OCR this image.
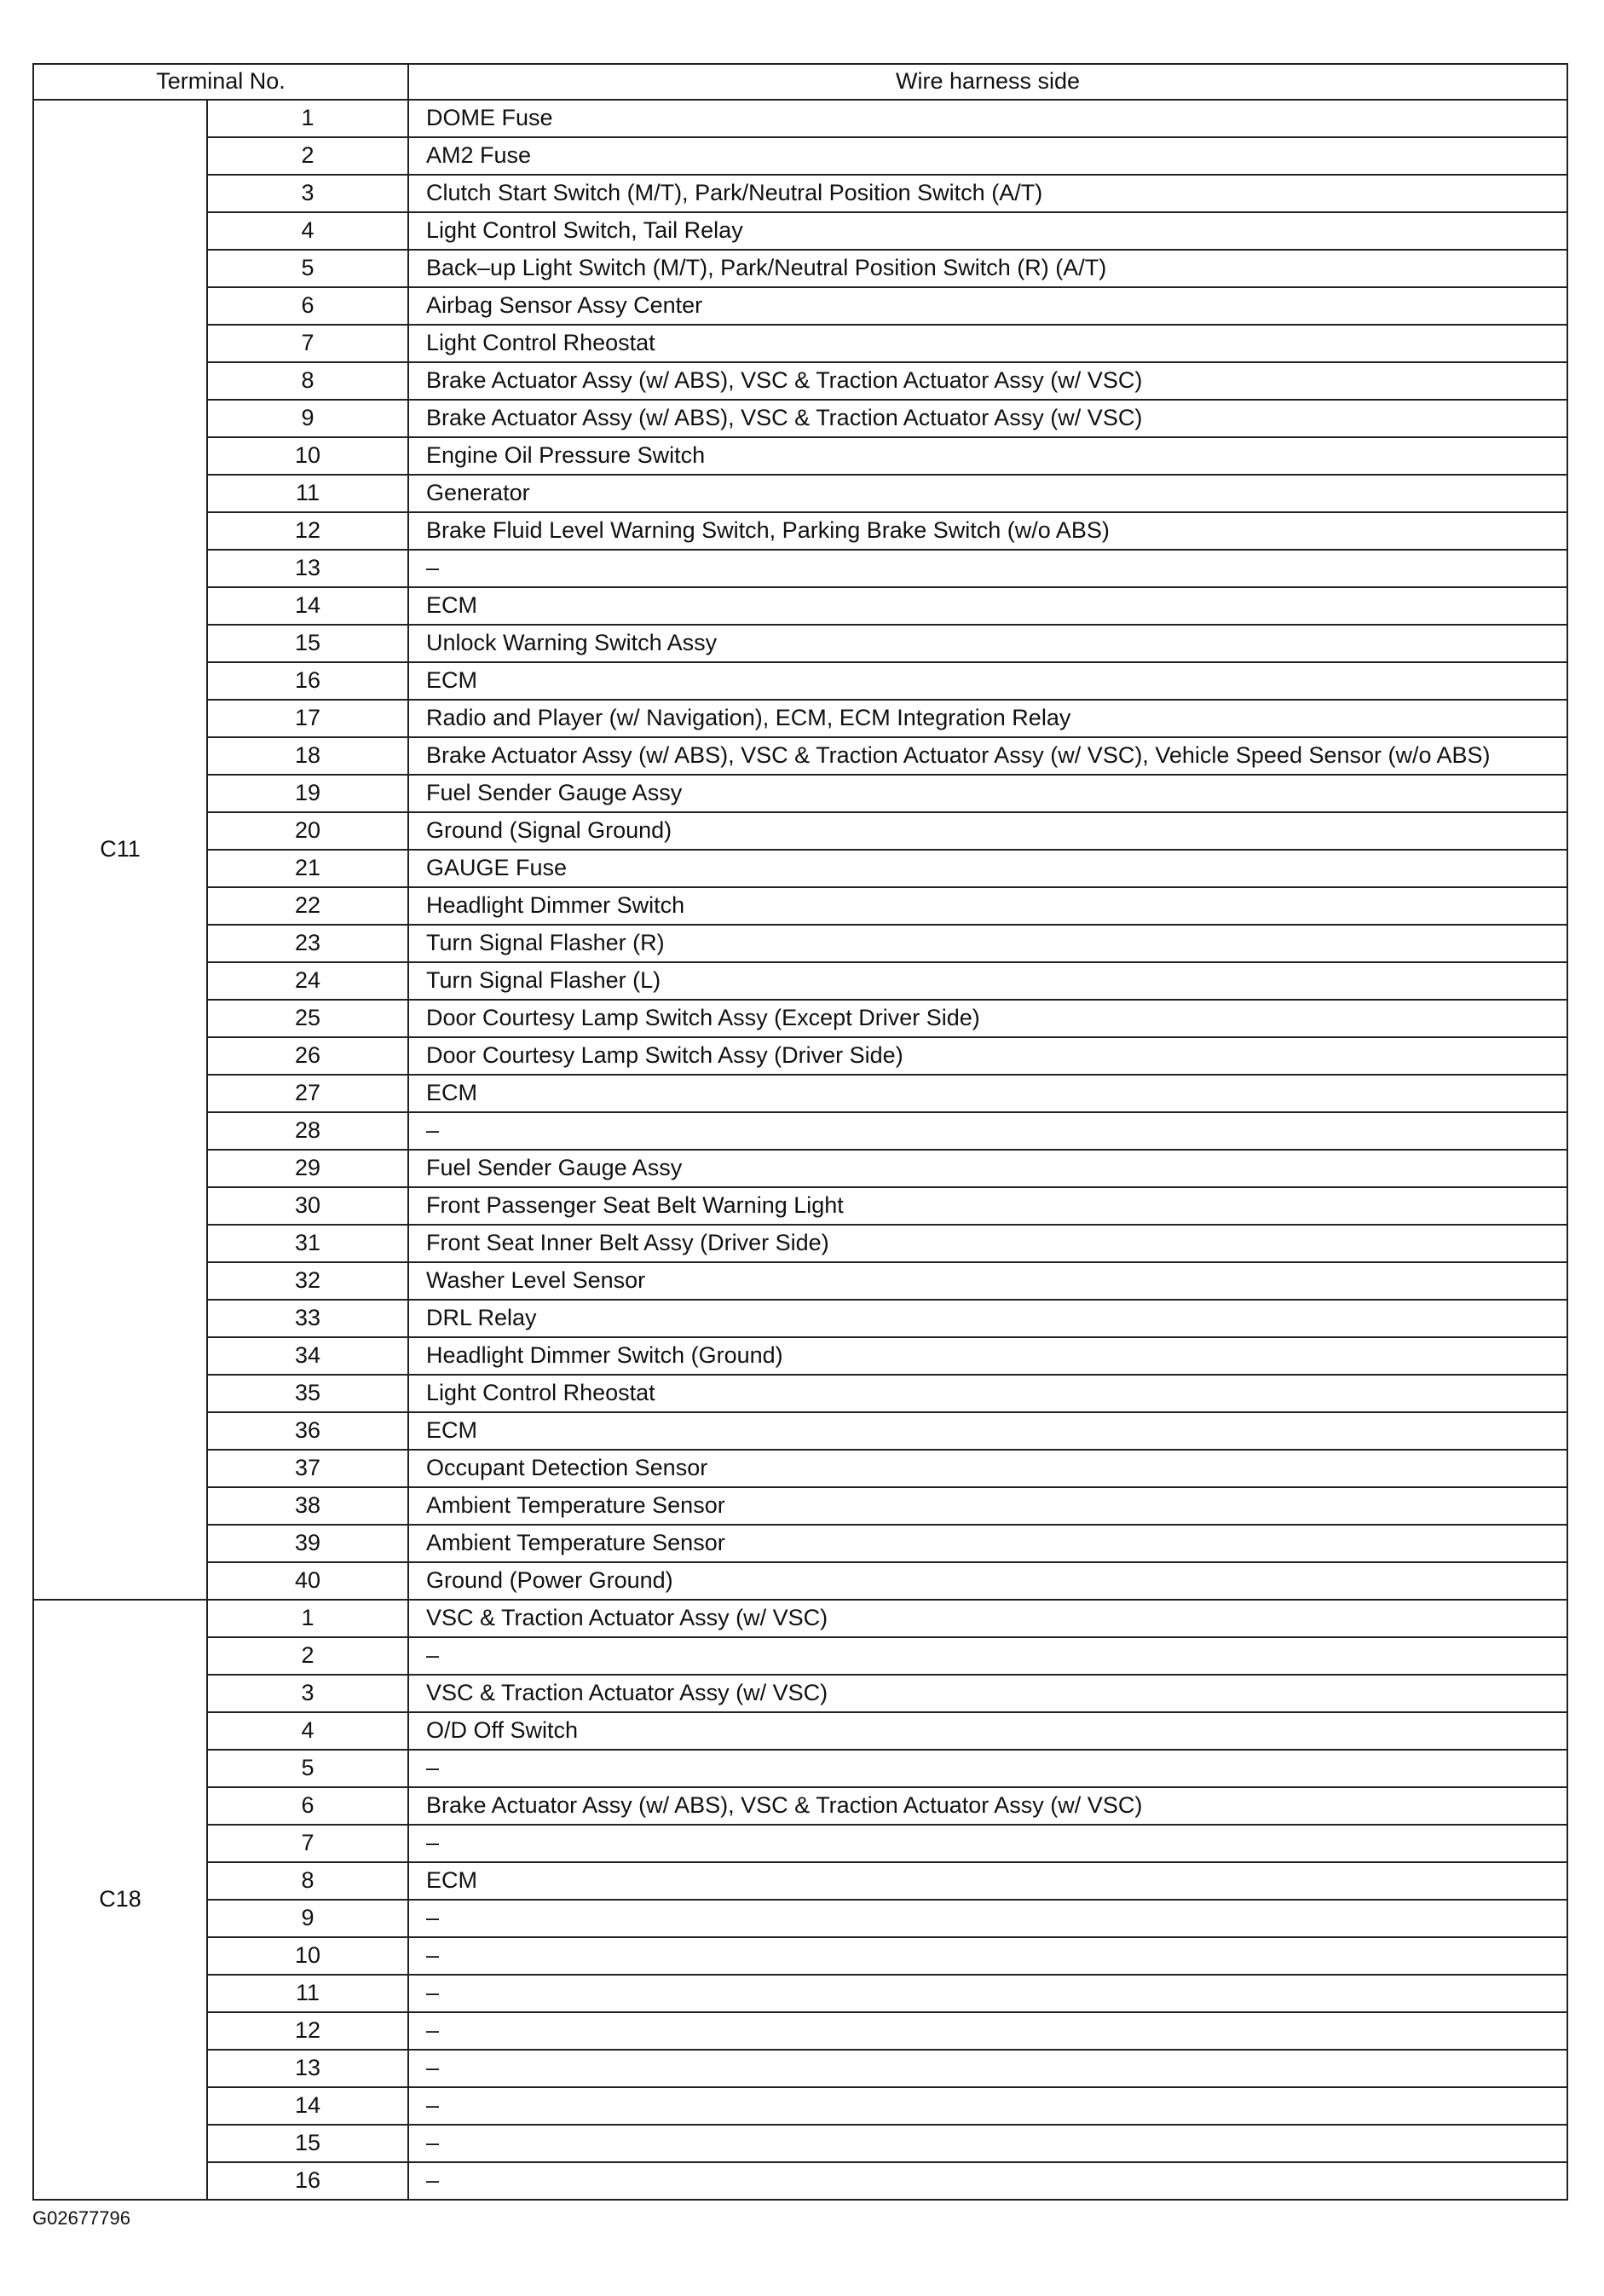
Terminal No.		Wire harness side
C11	1	DOME Fuse
	2	AM2 Fuse
	3	Clutch Start Switch (M/T), Park/Neutral Position Switch (A/T)
	4	Light Control Switch, Tail Relay
	5	Back–up Light Switch (M/T), Park/Neutral Position Switch (R) (A/T)
	6	Airbag Sensor Assy Center
	7	Light Control Rheostat
	8	Brake Actuator Assy (w/ ABS), VSC & Traction Actuator Assy (w/ VSC)
	9	Brake Actuator Assy (w/ ABS), VSC & Traction Actuator Assy (w/ VSC)
	10	Engine Oil Pressure Switch
	11	Generator
	12	Brake Fluid Level Warning Switch, Parking Brake Switch (w/o ABS)
	13	–
	14	ECM
	15	Unlock Warning Switch Assy
	16	ECM
	17	Radio and Player (w/ Navigation), ECM, ECM Integration Relay
	18	Brake Actuator Assy (w/ ABS), VSC & Traction Actuator Assy (w/ VSC), Vehicle Speed Sensor (w/o ABS)
	19	Fuel Sender Gauge Assy
	20	Ground (Signal Ground)
	21	GAUGE Fuse
	22	Headlight Dimmer Switch
	23	Turn Signal Flasher (R)
	24	Turn Signal Flasher (L)
	25	Door Courtesy Lamp Switch Assy (Except Driver Side)
	26	Door Courtesy Lamp Switch Assy (Driver Side)
	27	ECM
	28	–
	29	Fuel Sender Gauge Assy
	30	Front Passenger Seat Belt Warning Light
	31	Front Seat Inner Belt Assy (Driver Side)
	32	Washer Level Sensor
	33	DRL Relay
	34	Headlight Dimmer Switch (Ground)
	35	Light Control Rheostat
	36	ECM
	37	Occupant Detection Sensor
	38	Ambient Temperature Sensor
	39	Ambient Temperature Sensor
	40	Ground (Power Ground)
C18	1	VSC & Traction Actuator Assy (w/ VSC)
	2	–
	3	VSC & Traction Actuator Assy (w/ VSC)
	4	O/D Off Switch
	5	–
	6	Brake Actuator Assy (w/ ABS), VSC & Traction Actuator Assy (w/ VSC)
	7	–
	8	ECM
	9	–
	10	–
	11	–
	12	–
	13	–
	14	–
	15	–
	16	–
G02677796
